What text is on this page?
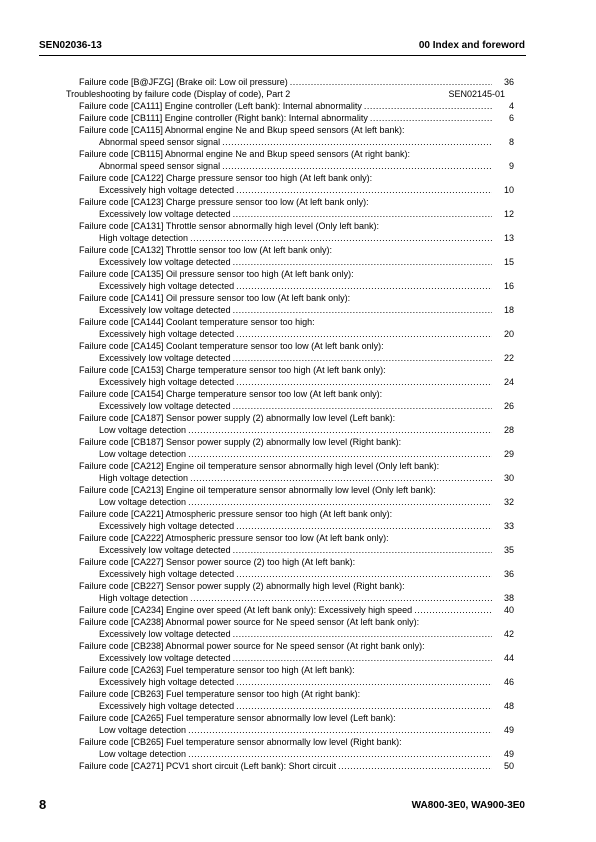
SEN02036-13	00 Index and foreword
Failure code [B@JFZG] (Brake oil: Low oil pressure) .....	36
Troubleshooting by failure code (Display of code), Part 2	SEN02145-01
Failure code [CA111] Engine controller (Left bank): Internal abnormality .....	4
Failure code [CB111] Engine controller (Right bank): Internal abnormality .....	6
Failure code [CA115] Abnormal engine Ne and Bkup speed sensors (At left bank):
Abnormal speed sensor signal .....	8
Failure code [CB115] Abnormal engine Ne and Bkup speed sensors (At right bank):
Abnormal speed sensor signal .....	9
Failure code [CA122] Charge pressure sensor too high (At left bank only):
Excessively high voltage detected .....	10
Failure code [CA123] Charge pressure sensor too low (At left bank only):
Excessively low voltage detected .....	12
Failure code [CA131] Throttle sensor abnormally high level (Only left bank):
High voltage detection .....	13
Failure code [CA132] Throttle sensor too low (At left bank only):
Excessively low voltage detected .....	15
Failure code [CA135] Oil pressure sensor too high (At left bank only):
Excessively high voltage detected .....	16
Failure code [CA141] Oil pressure sensor too low (At left bank only):
Excessively low voltage detected .....	18
Failure code [CA144] Coolant temperature sensor too high:
Excessively high voltage detected .....	20
Failure code [CA145] Coolant temperature sensor too low (At left bank only):
Excessively low voltage detected .....	22
Failure code [CA153] Charge temperature sensor too high (At left bank only):
Excessively high voltage detected .....	24
Failure code [CA154] Charge temperature sensor too low (At left bank only):
Excessively low voltage detected .....	26
Failure code [CA187] Sensor power supply (2) abnormally low level (Left bank):
Low voltage detection .....	28
Failure code [CB187] Sensor power supply (2) abnormally low level (Right bank):
Low voltage detection .....	29
Failure code [CA212] Engine oil temperature sensor abnormally high level (Only left bank):
High voltage detection .....	30
Failure code [CA213] Engine oil temperature sensor abnormally low level (Only left bank):
Low voltage detection .....	32
Failure code [CA221] Atmospheric pressure sensor too high (At left bank only):
Excessively high voltage detected .....	33
Failure code [CA222] Atmospheric pressure sensor too low (At left bank only):
Excessively low voltage detected .....	35
Failure code [CA227] Sensor power source (2) too high (At left bank):
Excessively high voltage detected .....	36
Failure code [CB227] Sensor power supply (2) abnormally high level (Right bank):
High voltage detection .....	38
Failure code [CA234] Engine over speed (At left bank only): Excessively high speed .....	40
Failure code [CA238] Abnormal power source for Ne speed sensor (At left bank only):
Excessively low voltage detected .....	42
Failure code [CB238] Abnormal power source for Ne speed sensor (At right bank only):
Excessively low voltage detected .....	44
Failure code [CA263] Fuel temperature sensor too high (At left bank):
Excessively high voltage detected .....	46
Failure code [CB263] Fuel temperature sensor too high (At right bank):
Excessively high voltage detected .....	48
Failure code [CA265] Fuel temperature sensor abnormally low level (Left bank):
Low voltage detection .....	49
Failure code [CB265] Fuel temperature sensor abnormally low level (Right bank):
Low voltage detection .....	49
Failure code [CA271] PCV1 short circuit (Left bank): Short circuit .....	50
8	WA800-3E0, WA900-3E0
